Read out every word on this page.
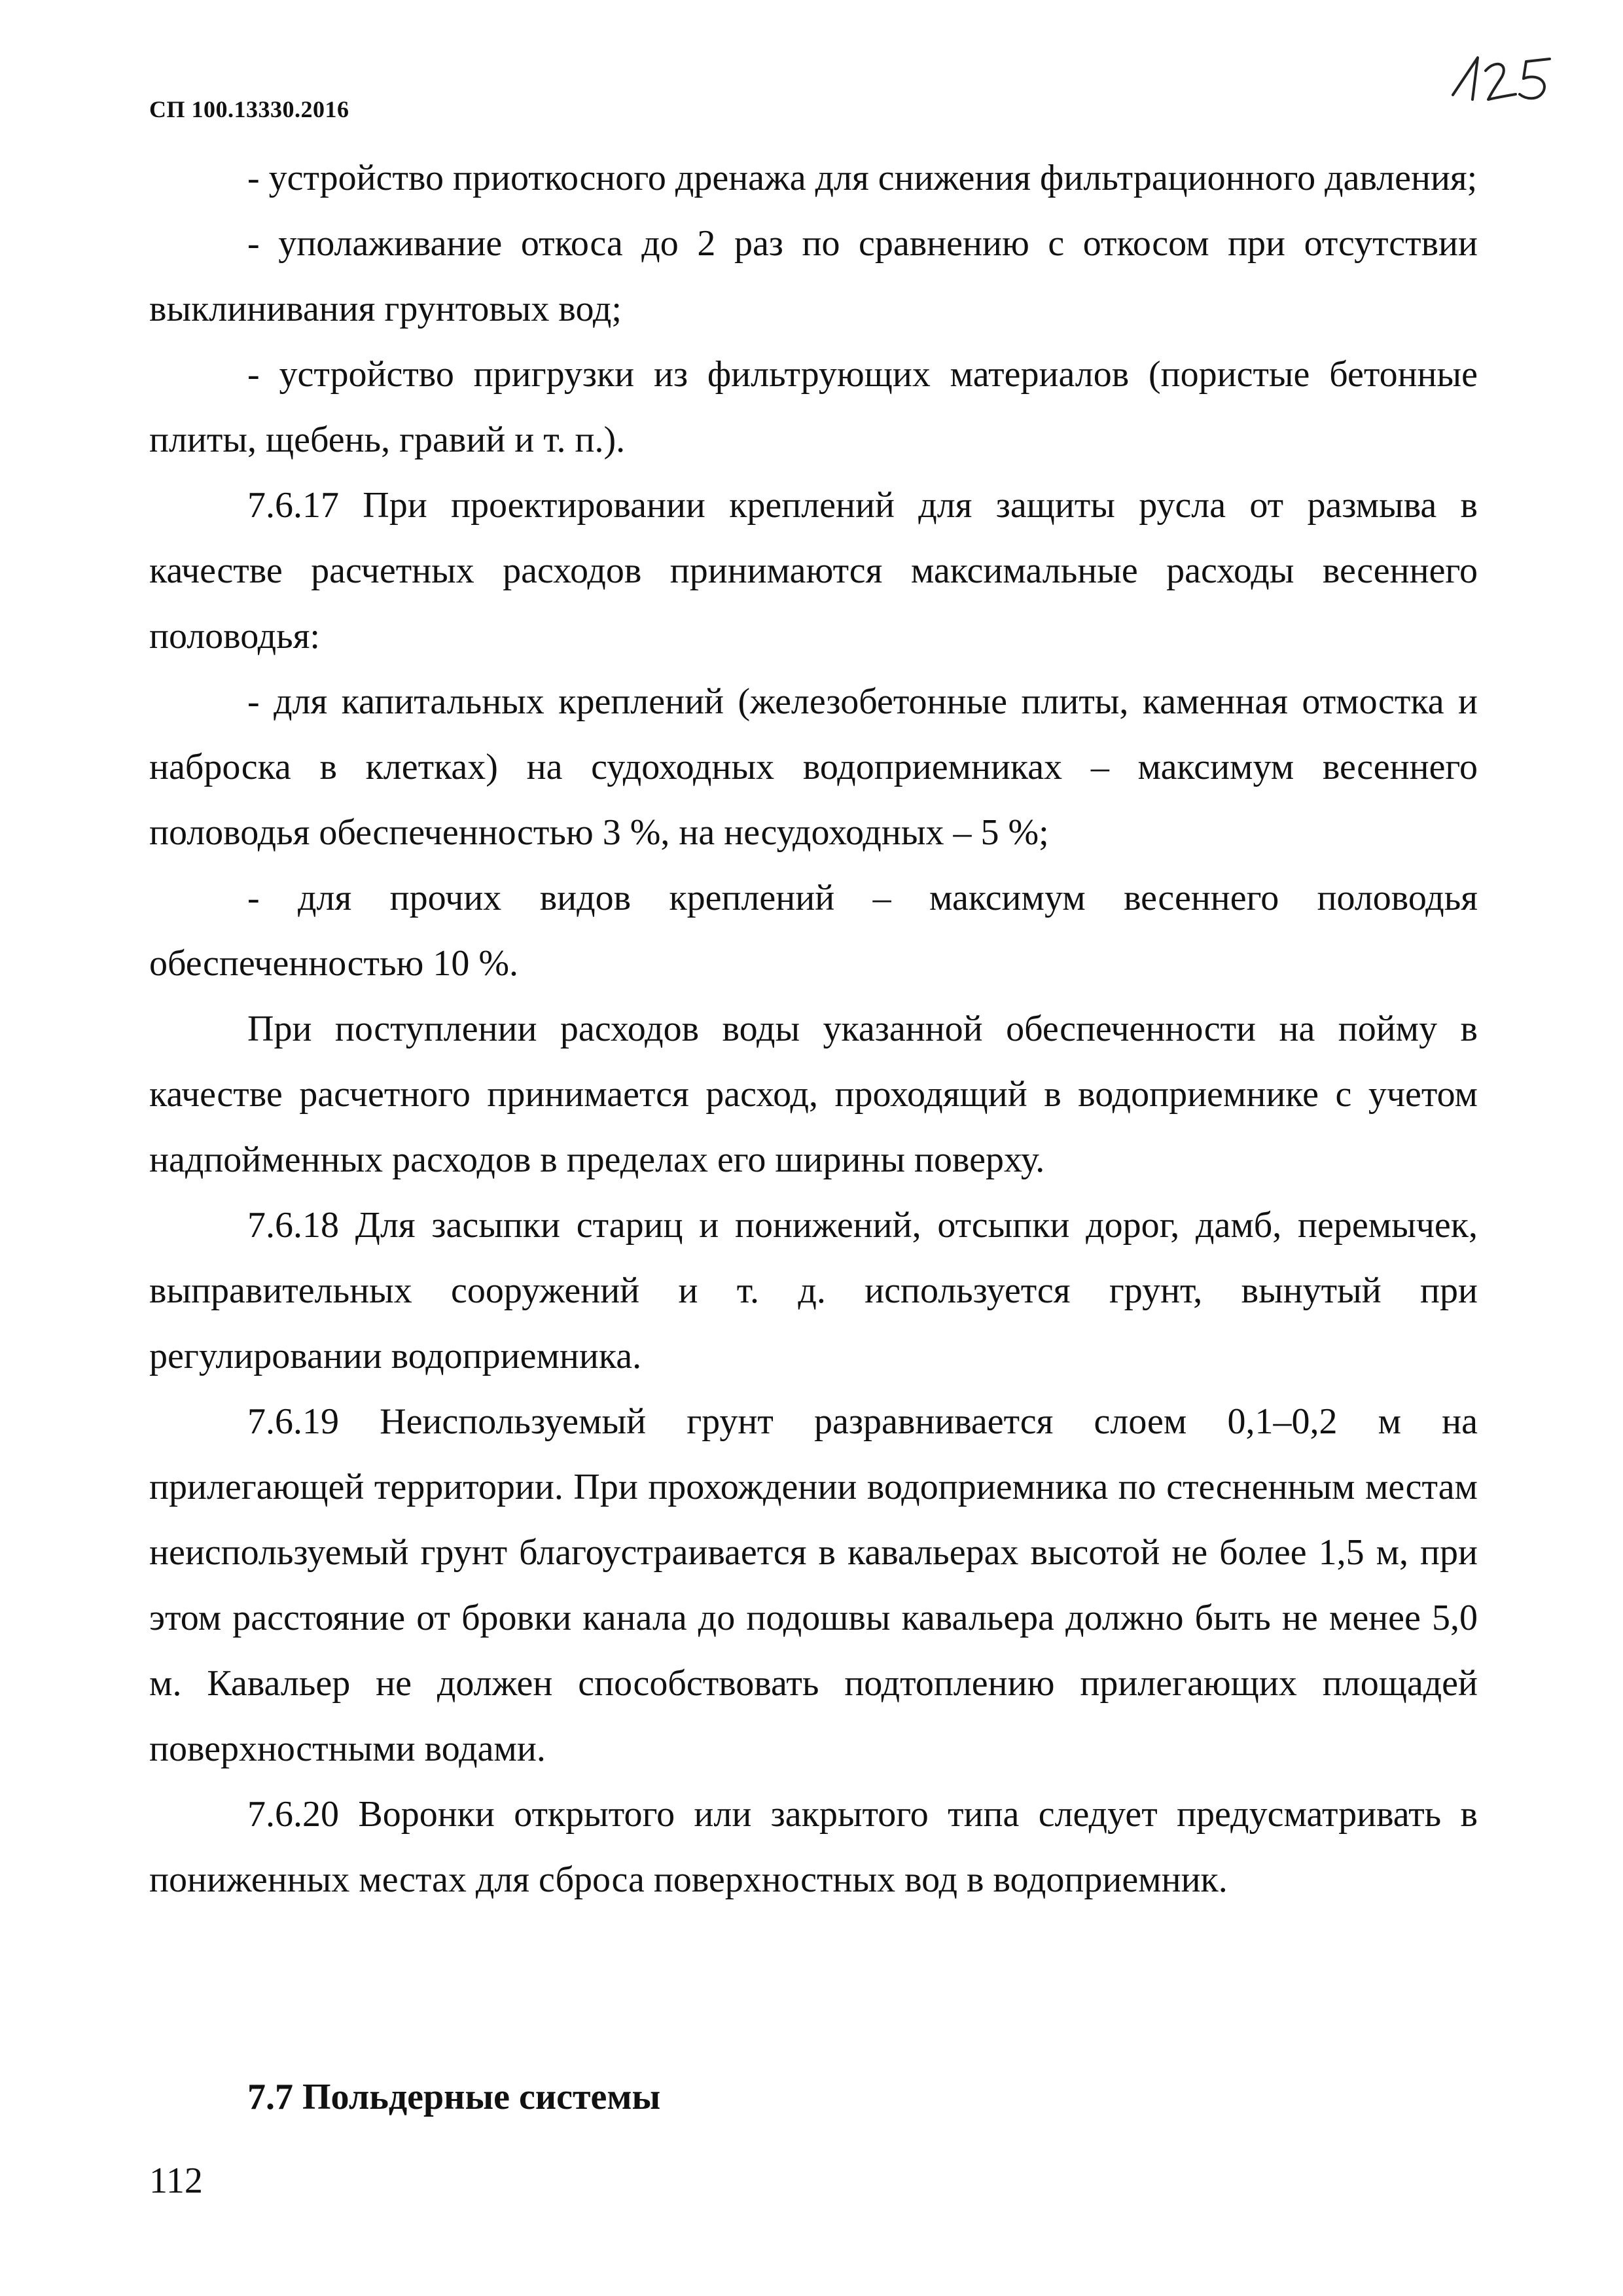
СП 100.13330.2016

- устройство приоткосного дренажа для снижения фильтрационного давления;

- уполаживание откоса до 2 раз по сравнению с откосом при отсутствии выклинивания грунтовых вод;

- устройство пригрузки из фильтрующих материалов (пористые бетонные плиты, щебень, гравий и т. п.).

7.6.17 При проектировании креплений для защиты русла от размыва в качестве расчетных расходов принимаются максимальные расходы весеннего половодья:

- для капитальных креплений (железобетонные плиты, каменная отмостка и наброска в клетках) на судоходных водоприемниках – максимум весеннего половодья обеспеченностью 3 %, на несудоходных – 5 %;

- для прочих видов креплений – максимум весеннего половодья обеспеченностью 10 %.

При поступлении расходов воды указанной обеспеченности на пойму в качестве расчетного принимается расход, проходящий в водоприемнике с учетом надпойменных расходов в пределах его ширины поверху.

7.6.18 Для засыпки стариц и понижений, отсыпки дорог, дамб, перемычек, выправительных сооружений и т. д. используется грунт, вынутый при регулировании водоприемника.

7.6.19 Неиспользуемый грунт разравнивается слоем 0,1–0,2 м на прилегающей территории. При прохождении водоприемника по стесненным местам неиспользуемый грунт благоустраивается в кавальерах высотой не более 1,5 м, при этом расстояние от бровки канала до подошвы кавальера должно быть не менее 5,0 м. Кавальер не должен способствовать подтоплению прилегающих площадей поверхностными водами.

7.6.20 Воронки открытого или закрытого типа следует предусматривать в пониженных местах для сброса поверхностных вод в водоприемник.

7.7 Польдерные системы
112
